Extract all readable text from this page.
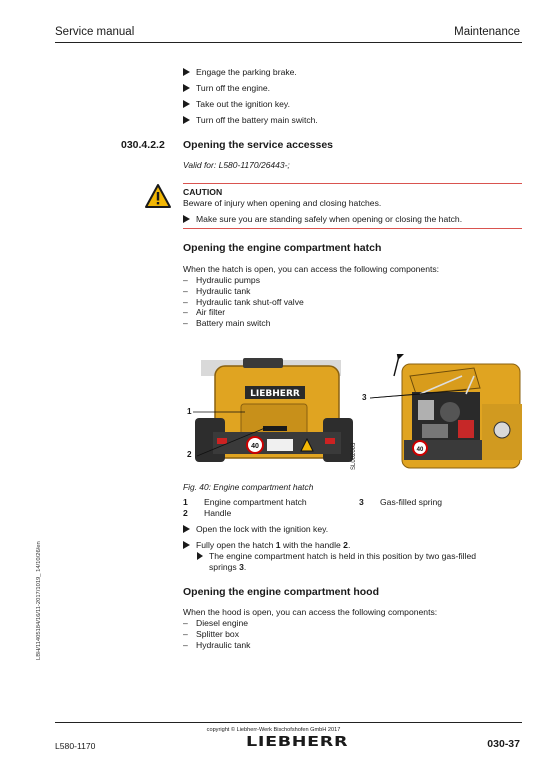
Service manual	Maintenance
Engage the parking brake.
Turn off the engine.
Take out the ignition key.
Turn off the battery main switch.
030.4.2.2 Opening the service accesses
Valid for: L580-1170/26443-;
CAUTION
Beware of injury when opening and closing hatches.
Make sure you are standing safely when opening or closing the hatch.
Opening the engine compartment hatch
When the hatch is open, you can access the following components:
– Hydraulic pumps
– Hydraulic tank
– Hydraulic tank shut-off valve
– Air filter
– Battery main switch
LIEBHERR
40
1
2	40
3
SL002003
Fig. 40: Engine compartment hatch
1 Engine compartment hatch
2 Handle
3 Gas-filled spring
Open the lock with the ignition key.
Fully open the hatch 1 with the handle 2.
The engine compartment hatch is held in this position by two gas-filled
springs 3.
Opening the engine compartment hood
When the hood is open, you can access the following components:
– Diesel engine
– Splitter box
– Hydraulic tank
LBH/11405184/16/11-2017/1019_ 14/10/26/en
copyright © Liebherr-Werk Bischofshofen GmbH 2017
L580-1170	LIEBHERR	030-37
